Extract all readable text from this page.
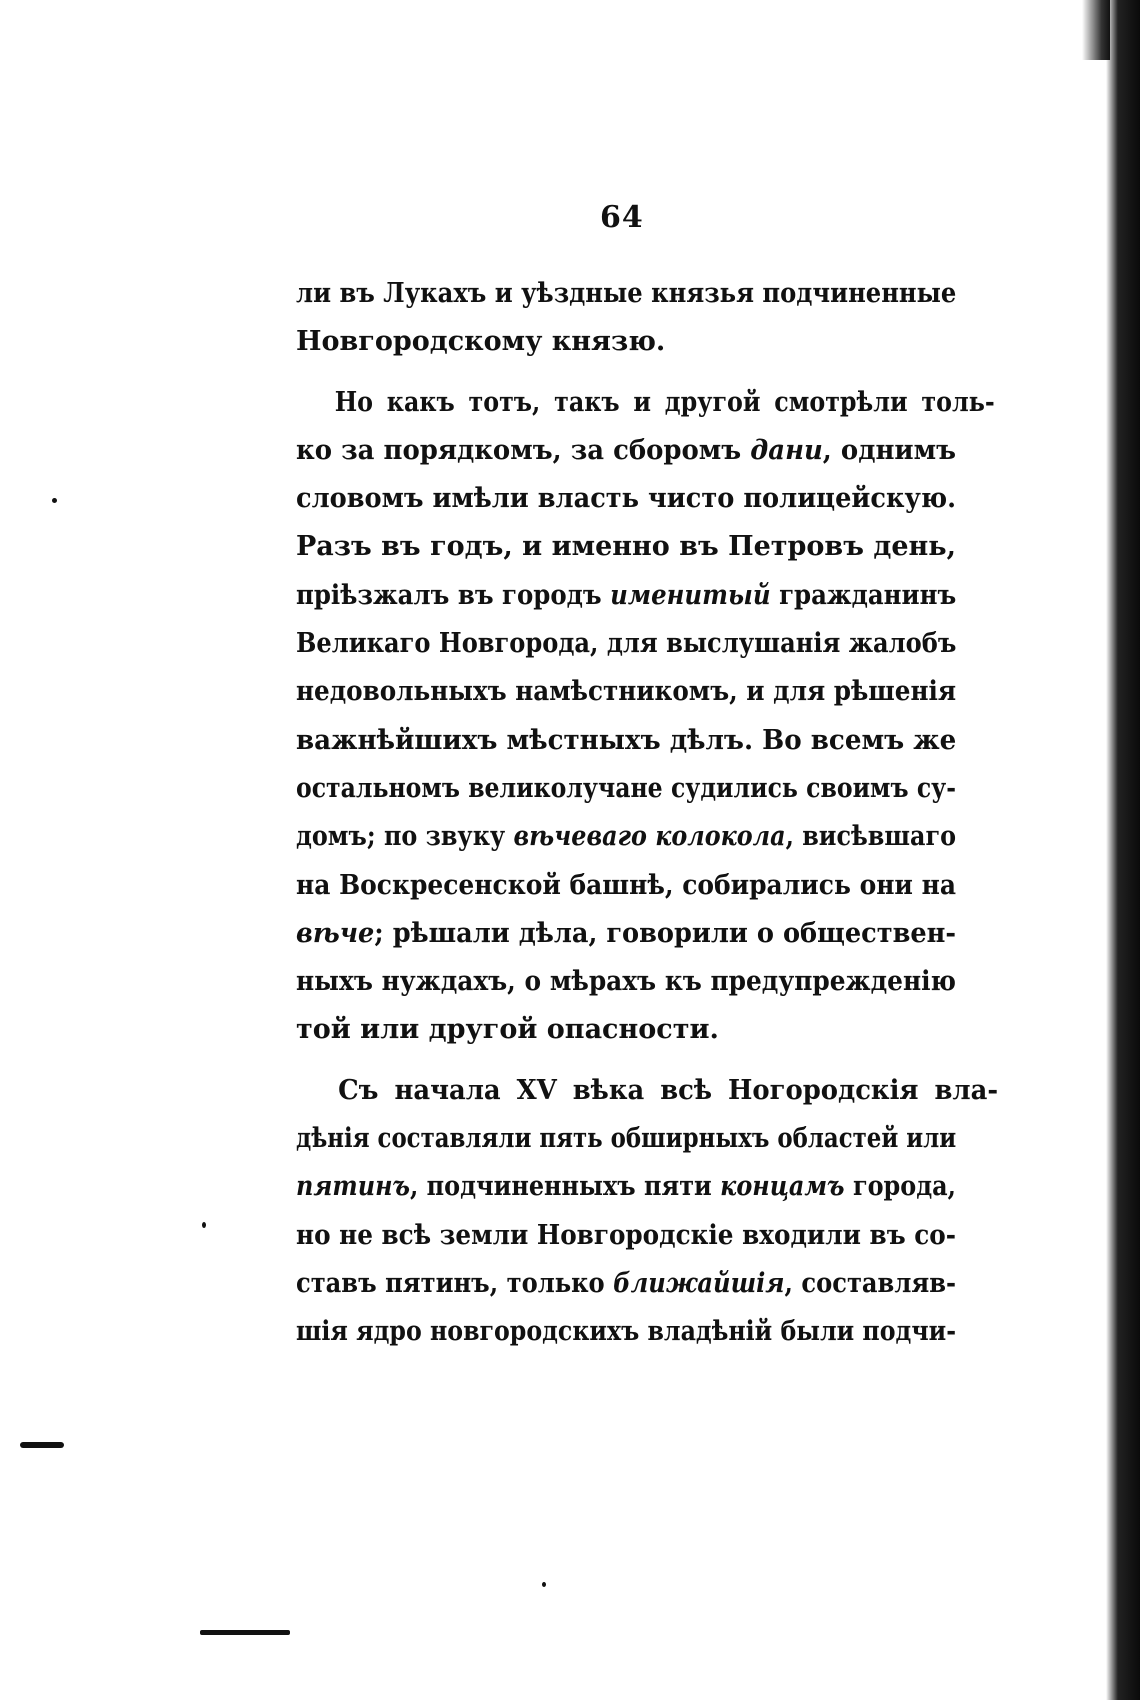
64
ли въ Лукахъ и уѣздные князья подчиненные
Новгородскому князю.
Но какъ тотъ, такъ и другой смотрѣли толь-
ко за порядкомъ, за сборомъ дани, однимъ
словомъ имѣли власть чисто полицейскую.
Разъ въ годъ, и именно въ Петровъ день,
пріѣзжалъ въ городъ именитый гражданинъ
Великаго Новгорода, для выслушанія жалобъ
недовольныхъ намѣстникомъ, и для рѣшенія
важнѣйшихъ мѣстныхъ дѣлъ. Во всемъ же
остальномъ великолучане судились своимъ су-
домъ; по звуку вѣчеваго колокола, висѣвшаго
на Воскресенской башнѣ, собирались они на
вѣче; рѣшали дѣла, говорили о обществен-
ныхъ нуждахъ, о мѣрахъ къ предупрежденію
той или другой опасности.
Съ начала XV вѣка всѣ Ногородскія вла-
дѣнія составляли пять обширныхъ областей или
пятинъ, подчиненныхъ пяти концамъ города,
но не всѣ земли Новгородскіе входили въ со-
ставъ пятинъ, только ближайшія, составляв-
шія ядро новгородскихъ владѣній были подчи-
